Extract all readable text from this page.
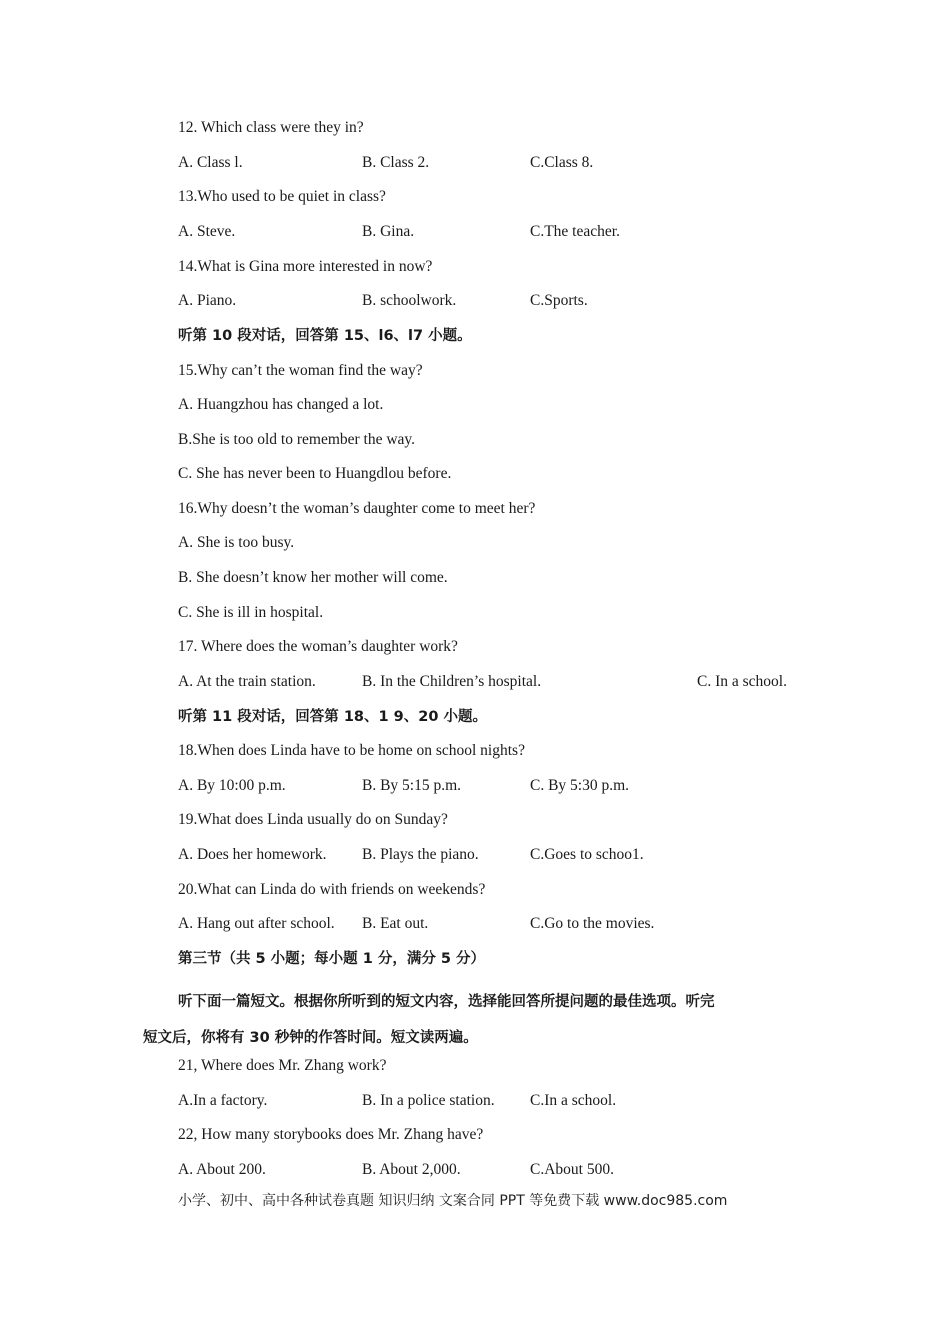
12. Which class were they in?
A. Class l.	B. Class 2.	C.Class 8.
13.Who used to be quiet in class?
A. Steve.	B. Gina.	C.The teacher.
14.What is Gina more interested in now?
A. Piano.	B. schoolwork.	C.Sports.
听第 10 段对话，回答第 15、l6、l7 小题。
15.Why can’t the woman find the way?
A. Huangzhou has changed a lot.
B.She is too old to remember the way.
C. She has never been to Huangdlou before.
16.Why doesn’t the woman’s daughter come to meet her?
A. She is too busy.
B. She doesn’t know her mother will come.
C. She is ill in hospital.
17. Where does the woman’s daughter work?
A. At the train station.	B. In the Children’s hospital.	C. In a school.
听第 11 段对话，回答第 18、1 9、20 小题。
18.When does Linda have to be home on school nights?
A. By 10:00 p.m.	B. By 5:15 p.m.	C. By 5:30 p.m.
19.What does Linda usually do on Sunday?
A. Does her homework. B. Plays the piano.	C.Goes to schoo1.
20.What can Linda do with friends on weekends?
A. Hang out after school. B. Eat out.	C.Go to the movies.
第三节（共 5 小题；每小题 1 分，满分 5 分）
听下面一篇短文。根据你所听到的短文内容，选择能回答所提问题的最佳选项。听完
短文后，你将有 30 秒钟的作答时间。短文读两遍。
21, Where does Mr. Zhang work?
A.In a factory.	B. In a police station. C.In a school.
22, How many storybooks does Mr. Zhang have?
A. About 200.	B. About 2,000.	C.About 500.
小学、初中、高中各种试卷真题 知识归纳 文案合同 PPT 等免费下载 www.doc985.com
